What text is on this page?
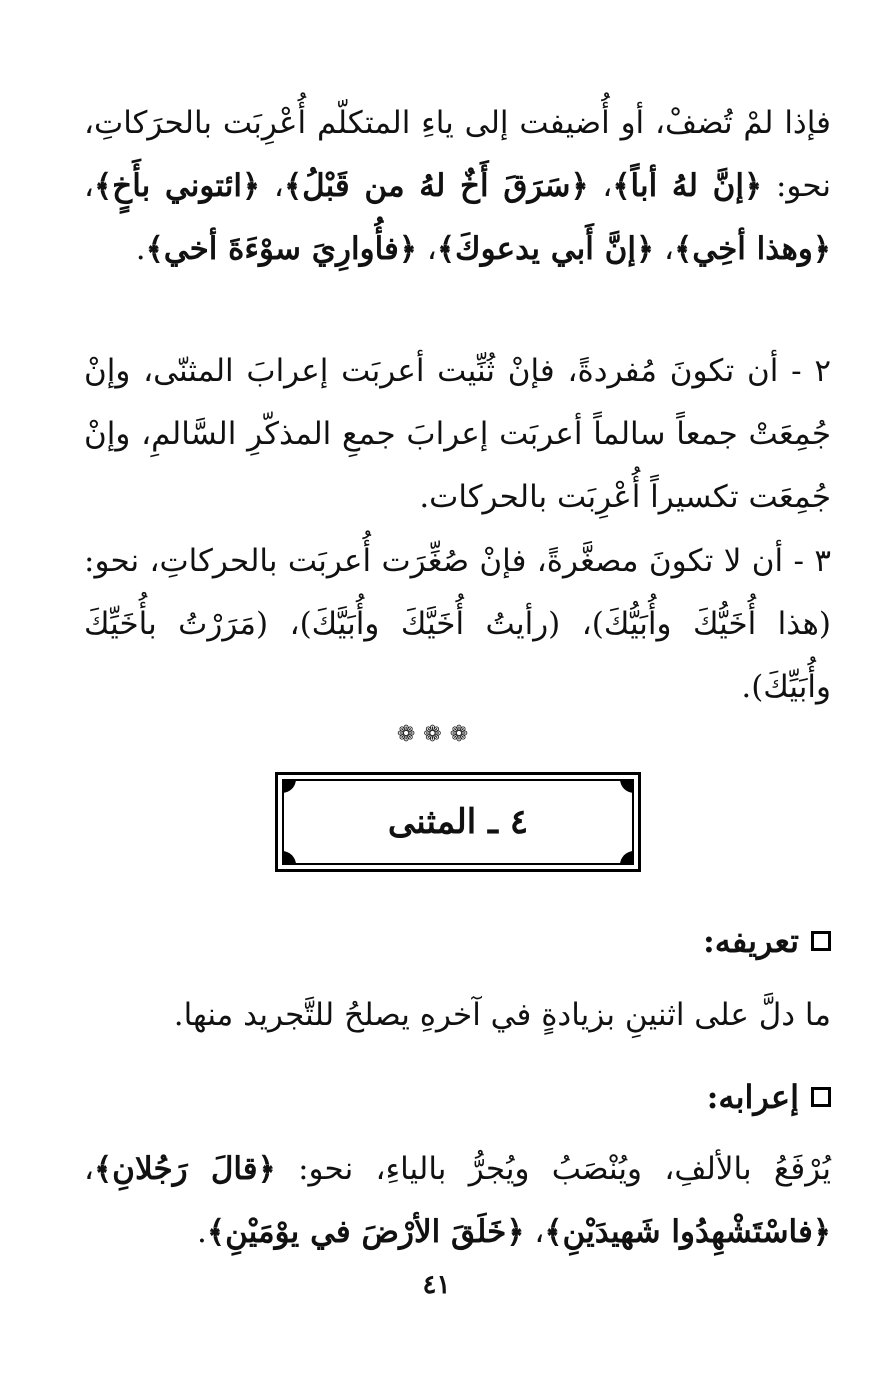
فإذا لمْ تُضفْ، أو أُضيفت إلى ياءِ المتكلّم أُعْرِبَت بالحرَكاتِ، نحو: ﴿إنَّ لهُ أباً﴾، ﴿سَرَقَ أَخٌ لهُ من قَبْلُ﴾، ﴿ائتوني بأَخٍ﴾، ﴿وهذا أخِي﴾، ﴿إنَّ أَبي يدعوكَ﴾، ﴿فأُوارِيَ سوْءَةَ أخي﴾.
٢ - أن تكونَ مُفردةً، فإنْ ثُنِّيت أعربَت إعرابَ المثنّى، وإنْ جُمِعَتْ جمعاً سالماً أعربَت إعرابَ جمعِ المذكّرِ السَّالمِ، وإنْ جُمِعَت تكسيراً أُعْرِبَت بالحركات.
٣ - أن لا تكونَ مصغَّرةً، فإنْ صُغِّرَت أُعربَت بالحركاتِ، نحو: (هذا أُخَيُّكَ وأُبَيُّكَ)، (رأيتُ أُخَيَّكَ وأُبَيَّكَ)، (مَرَرْتُ بأُخَيِّكَ وأُبَيِّكَ).
❁❁❁
٤ ـ المثنى
تعريفه:
ما دلَّ على اثنينِ بزيادةٍ في آخرهِ يصلحُ للتَّجريد منها.
إعرابه:
يُرْفَعُ بالألفِ، ويُنْصَبُ ويُجرُّ بالياءِ، نحو: ﴿قالَ رَجُلانِ﴾، ﴿فاسْتَشْهِدُوا شَهيدَيْنِ﴾، ﴿خَلَقَ الأرْضَ في يوْمَيْنِ﴾.
٤١
